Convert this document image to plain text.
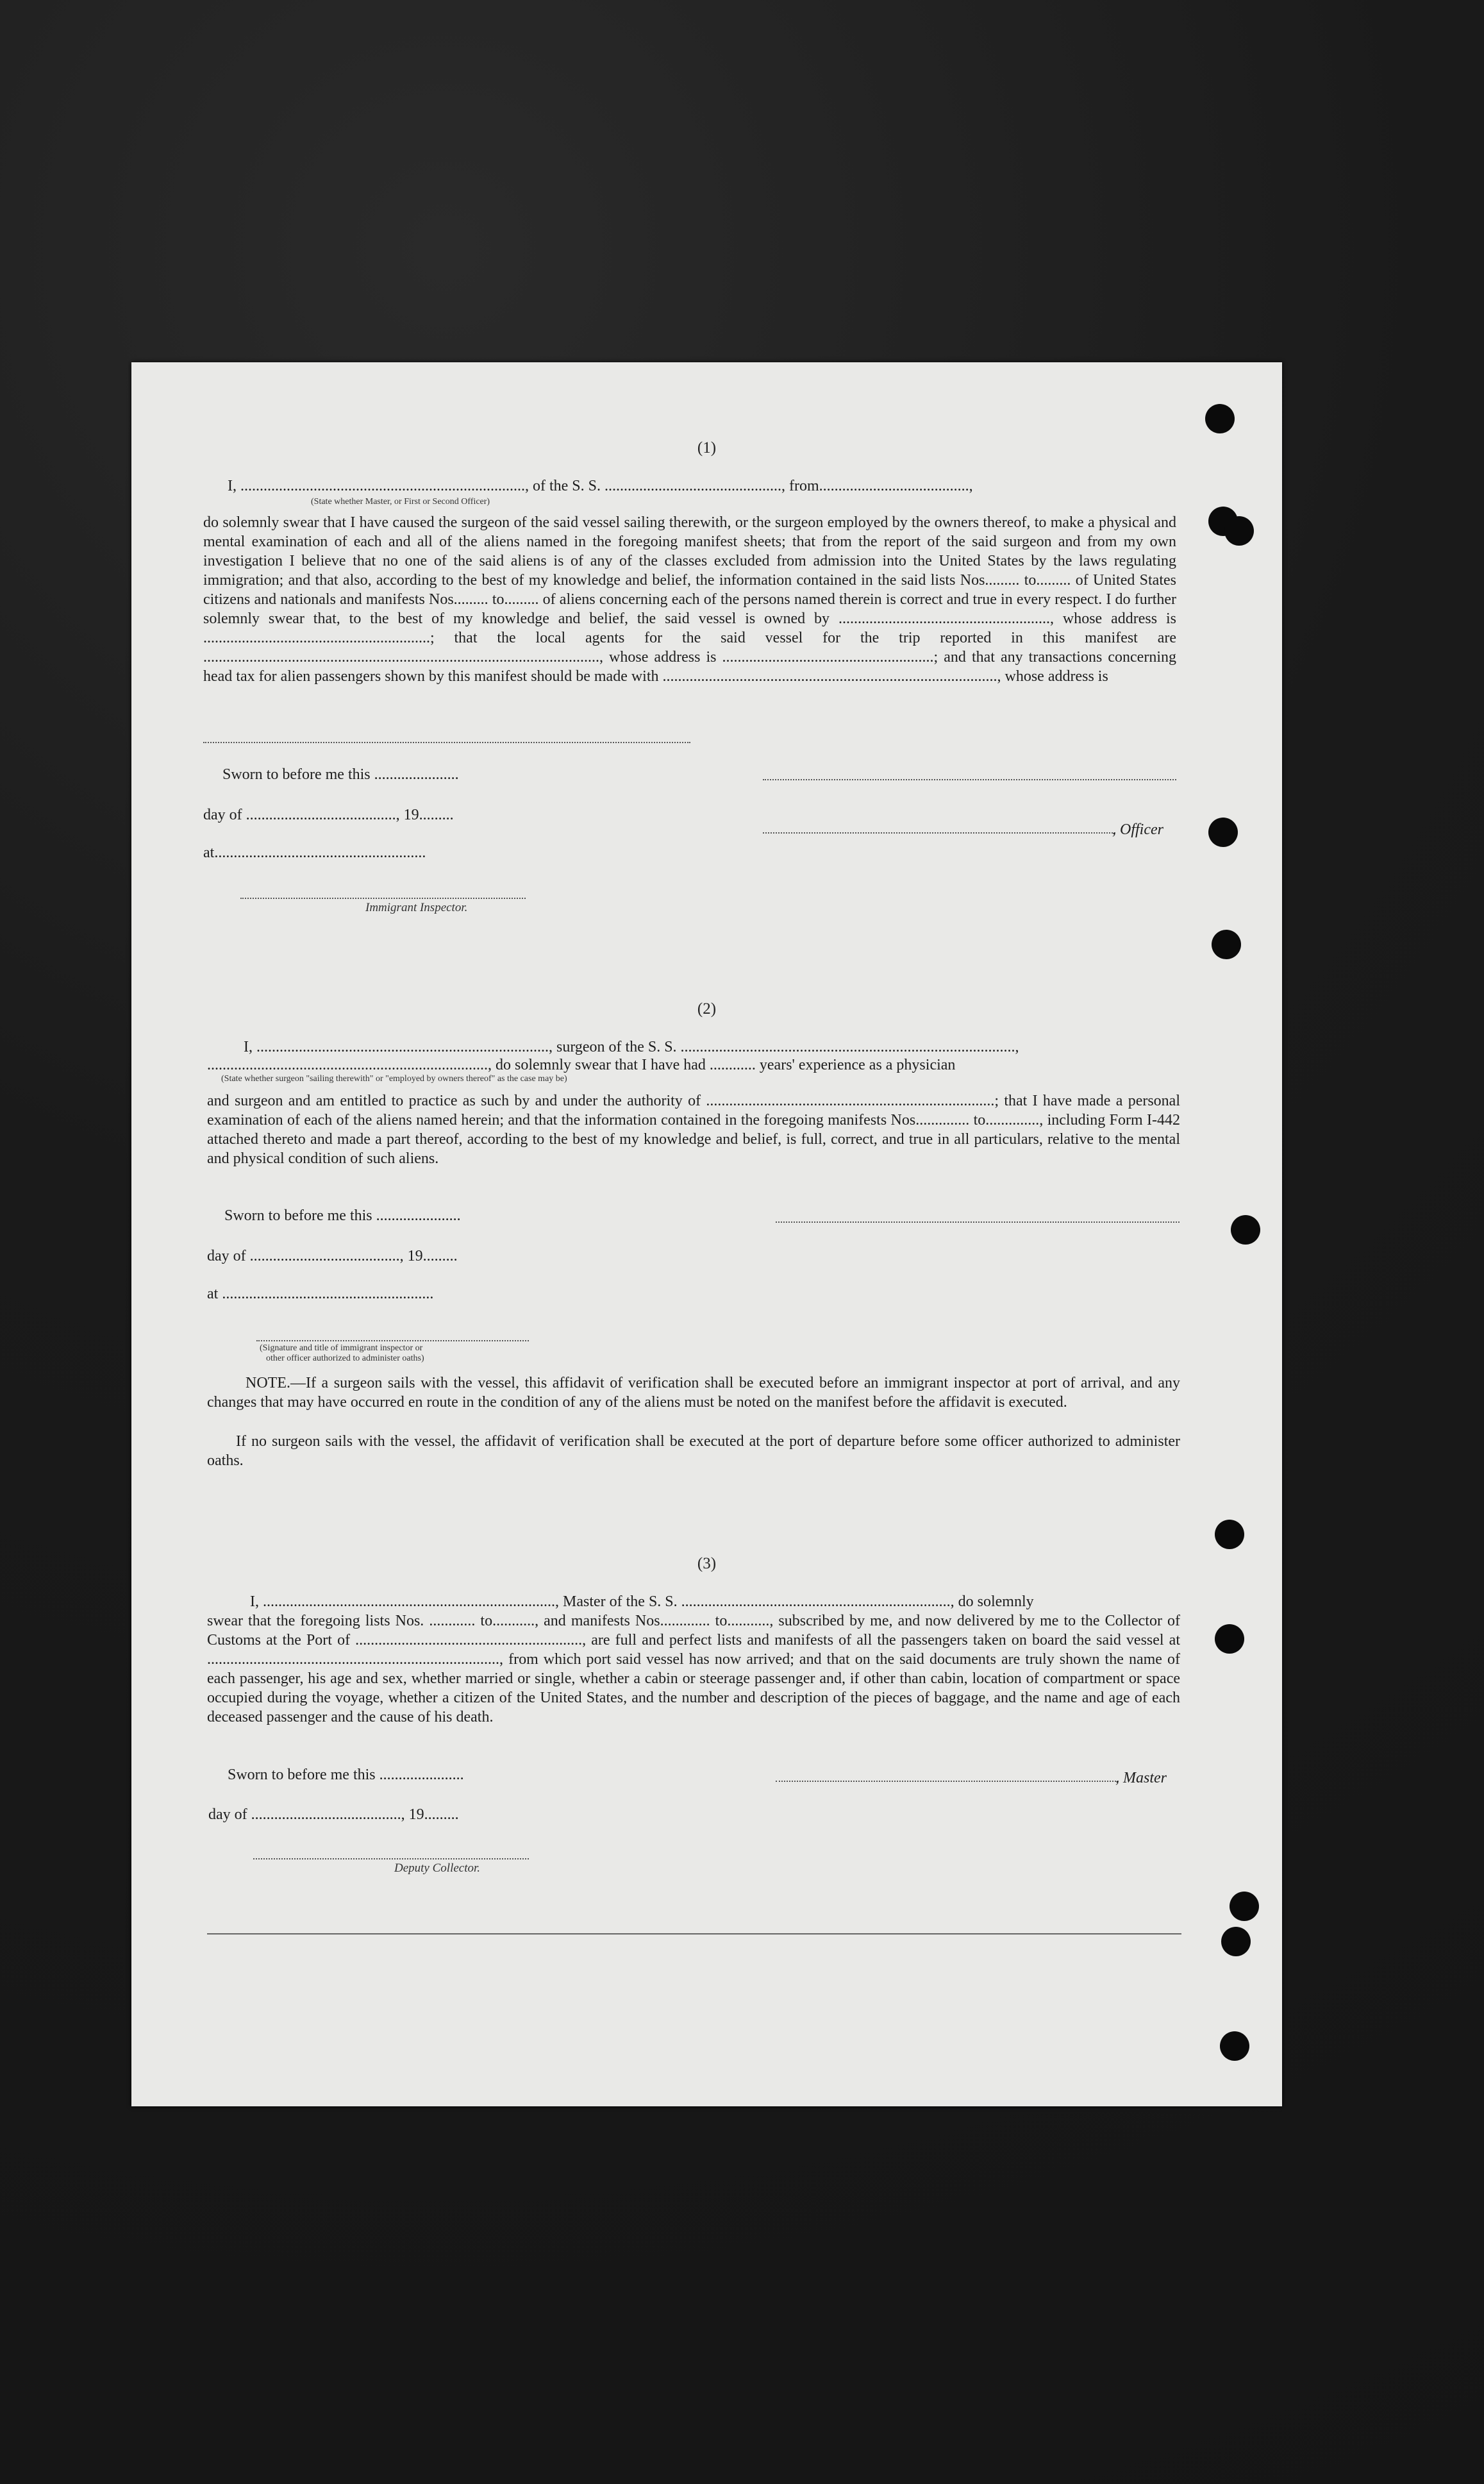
(1)
I, .........................................................................., of the S. S. .............................................., from.......................................,
(State whether Master, or First or Second Officer)
do solemnly swear that I have caused the surgeon of the said vessel sailing therewith, or the surgeon employed by the owners thereof, to make a physical and mental examination of each and all of the aliens named in the foregoing manifest sheets; that from the report of the said surgeon and from my own investigation I believe that no one of the said aliens is of any of the classes excluded from admission into the United States by the laws regulating immigration; and that also, according to the best of my knowledge and belief, the information contained in the said lists Nos......... to......... of United States citizens and nationals and manifests Nos......... to......... of aliens concerning each of the persons named therein is correct and true in every respect. I do further solemnly swear that, to the best of my knowledge and belief, the said vessel is owned by ......................................................., whose address is ...........................................................; that the local agents for the said vessel for the trip reported in this manifest are ......................................................................................................., whose address is .......................................................; and that any transactions concerning head tax for alien passengers shown by this manifest should be made with ......................................................................................., whose address is
Sworn to before me this ......................
day of ......................................., 19.........
, Officer
at.......................................................
Immigrant Inspector.
(2)
I, ............................................................................, surgeon of the S. S. .......................................................................................,
........................................................................., do solemnly swear that I have had ............ years' experience as a physician
(State whether surgeon "sailing therewith" or "employed by owners thereof" as the case may be)
and surgeon and am entitled to practice as such by and under the authority of ...........................................................................; that I have made a personal examination of each of the aliens named herein; and that the information contained in the foregoing manifests Nos.............. to.............., including Form I-442 attached thereto and made a part thereof, according to the best of my knowledge and belief, is full, correct, and true in all particulars, relative to the mental and physical condition of such aliens.
Sworn to before me this ......................
day of ......................................., 19.........
at .......................................................
(Signature and title of immigrant inspector or
other officer authorized to administer oaths)
NOTE.—If a surgeon sails with the vessel, this affidavit of verification shall be executed before an immigrant inspector at port of arrival, and any changes that may have occurred en route in the condition of any of the aliens must be noted on the manifest before the affidavit is executed.
If no surgeon sails with the vessel, the affidavit of verification shall be executed at the port of departure before some officer authorized to administer oaths.
(3)
I, ............................................................................, Master of the S. S. ......................................................................, do solemnly
swear that the foregoing lists Nos. ............ to..........., and manifests Nos............. to..........., subscribed by me, and now delivered by me to the Collector of Customs at the Port of ..........................................................., are full and perfect lists and manifests of all the passengers taken on board the said vessel at ............................................................................, from which port said vessel has now arrived; and that on the said documents are truly shown the name of each passenger, his age and sex, whether married or single, whether a cabin or steerage passenger and, if other than cabin, location of compartment or space occupied during the voyage, whether a citizen of the United States, and the number and description of the pieces of baggage, and the name and age of each deceased passenger and the cause of his death.
Sworn to before me this ......................	, Master
day of ......................................., 19.........
Deputy Collector.
